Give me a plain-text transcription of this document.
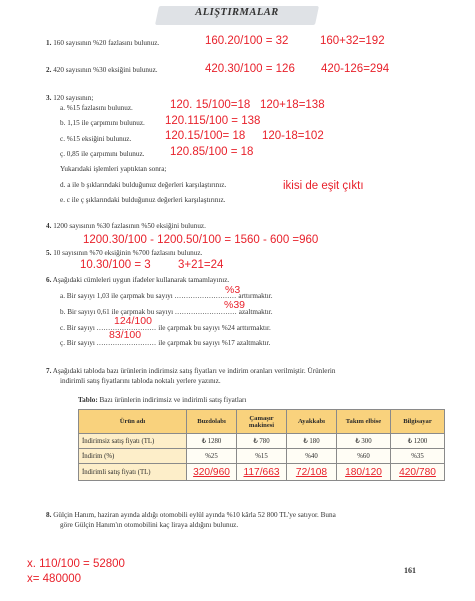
ALIŞTIRMALAR
1. 160 sayısının %20 fazlasını bulunuz.	160.20/100 = 32	160+32=192
2. 420 sayısının %30 eksiğini bulunuz.	420.30/100 = 126 420-126=294
3. 120 sayısının;
a. %15 fazlasını bulunuz.	120. 15/100=18 120+18=138
b. 1,15 ile çarpımını bulunuz. 120.115/100 = 138
c. %15 eksiğini bulunuz.	120.15/100= 18 120-18=102
ç. 0,85 ile çarpımını bulunuz. 120.85/100 = 18
Yukarıdaki işlemleri yaptıktan sonra;
d. a ile b şıklarındaki bulduğunuz değerleri karşılaştırınız.	ikisi de eşit çıktı
e. c ile ç şıklarındaki bulduğunuz değerleri karşılaştırınız.
4. 1200 sayısının %30 fazlasının %50 eksiğini bulunuz.
1200.30/100 - 1200.50/100 = 1560 - 600 =960
5. 10 sayısının %70 eksiğinin %700 fazlasını bulunuz.
10.30/100 = 3 3+21=24
6. Aşağıdaki cümleleri uygun ifadeler kullanarak tamamlayınız.
a. Bir sayıyı 1,03 ile çarpmak bu sayıyı ........................... arttırmaktır.
%3
b. Bir sayıyı 0,61 ile çarpmak bu sayıyı ........................... azaltmaktır.
%39
c. Bir sayıyı .......................... ile çarpmak bu sayıyı %24 arttırmaktır.
124/100
ç. Bir sayıyı .......................... ile çarpmak bu sayıyı %17 azaltmaktır.
83/100
7. Aşağıdaki tabloda bazı ürünlerin indirimsiz satış fiyatları ve indirim oranları verilmiştir. Ürünlerin
indirimli satış fiyatlarını tabloda noktalı yerlere yazınız.
Tablo: Bazı ürünlerin indirimsiz ve indirimli satış fiyatları
Ürün adı	Buzdolabı	Çamaşır makinesi	Ayakkabı	Takım elbise	Bilgisayar
İndirimsiz satış fiyatı (TL)	₺ 1280	₺ 780	₺ 180	₺ 300	₺ 1200
İndirim (%)	%25	%15	%40	%60	%35
İndirimli satış fiyatı (TL)	320/960	117/663	72/108	180/120	420/780
8. Gülçin Hanım, haziran ayında aldığı otomobili eylül ayında %10 kârla 52 800 TL'ye satıyor. Buna
göre Gülçin Hanım'ın otomobilini kaç liraya aldığını bulunuz.
x. 110/100 = 52800
x= 480000
161
